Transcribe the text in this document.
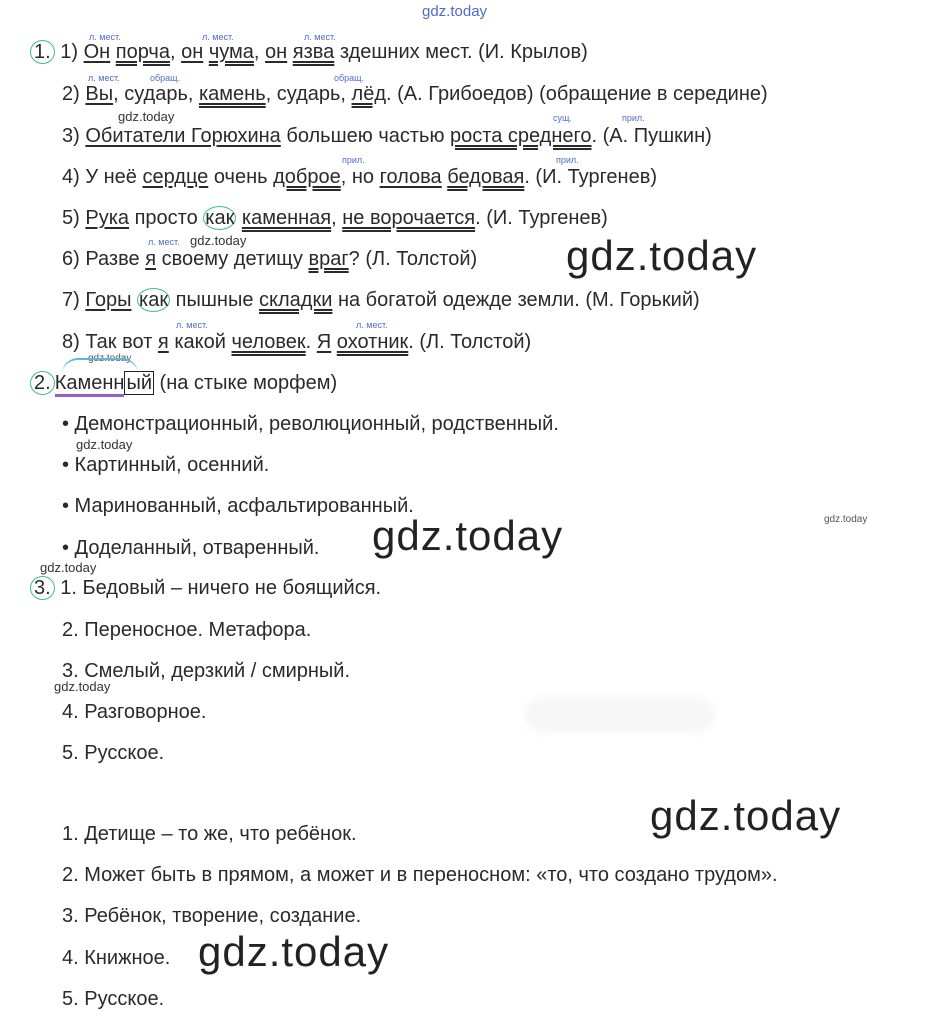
gdz.today
л. мест.	л. мест.	л. мест.
1. 1) Он порча, он чума, он язва здешних мест. (И. Крылов)
л. мест.	обращ.	обращ.
2) Вы, сударь, камень, сударь, лёд. (А. Грибоедов) (обращение в середине)
gdz.today	сущ.	прил.
3) Обитатели Горюхина большею частью роста среднего. (А. Пушкин)
прил.	прил.
4) У неё сердце очень доброе, но голова бедовая. (И. Тургенев)
5) Рука просто как каменная, не ворочается. (И. Тургенев)
л. мест. gdz.today
6) Разве я своему детищу враг? (Л. Толстой) gdz.today
7) Горы как пышные складки на богатой одежде земли. (М. Горький)
л. мест.	л. мест.
8) Так вот я какой человек. Я охотник. (Л. Толстой)
gdz.today
2. Каменн ый (на стыке морфем)
• Демонстрационный, революционный, родственный.
gdz.today
• Картинный, осенний.
• Маринованный, асфальтированный.
gdz.today
• Доделанный, отваренный. gdz.today
gdz.today
3. 1. Бедовый – ничего не боящийся.
2. Переносное. Метафора.
3. Смелый, дерзкий / смирный.
gdz.today
4. Разговорное.
5. Русское.
gdz.today
1. Детище – то же, что ребёнок.
2. Может быть в прямом, а может и в переносном: «то, что создано трудом».
3. Ребёнок, творение, создание.
4. Книжное. gdz.today
5. Русское.
